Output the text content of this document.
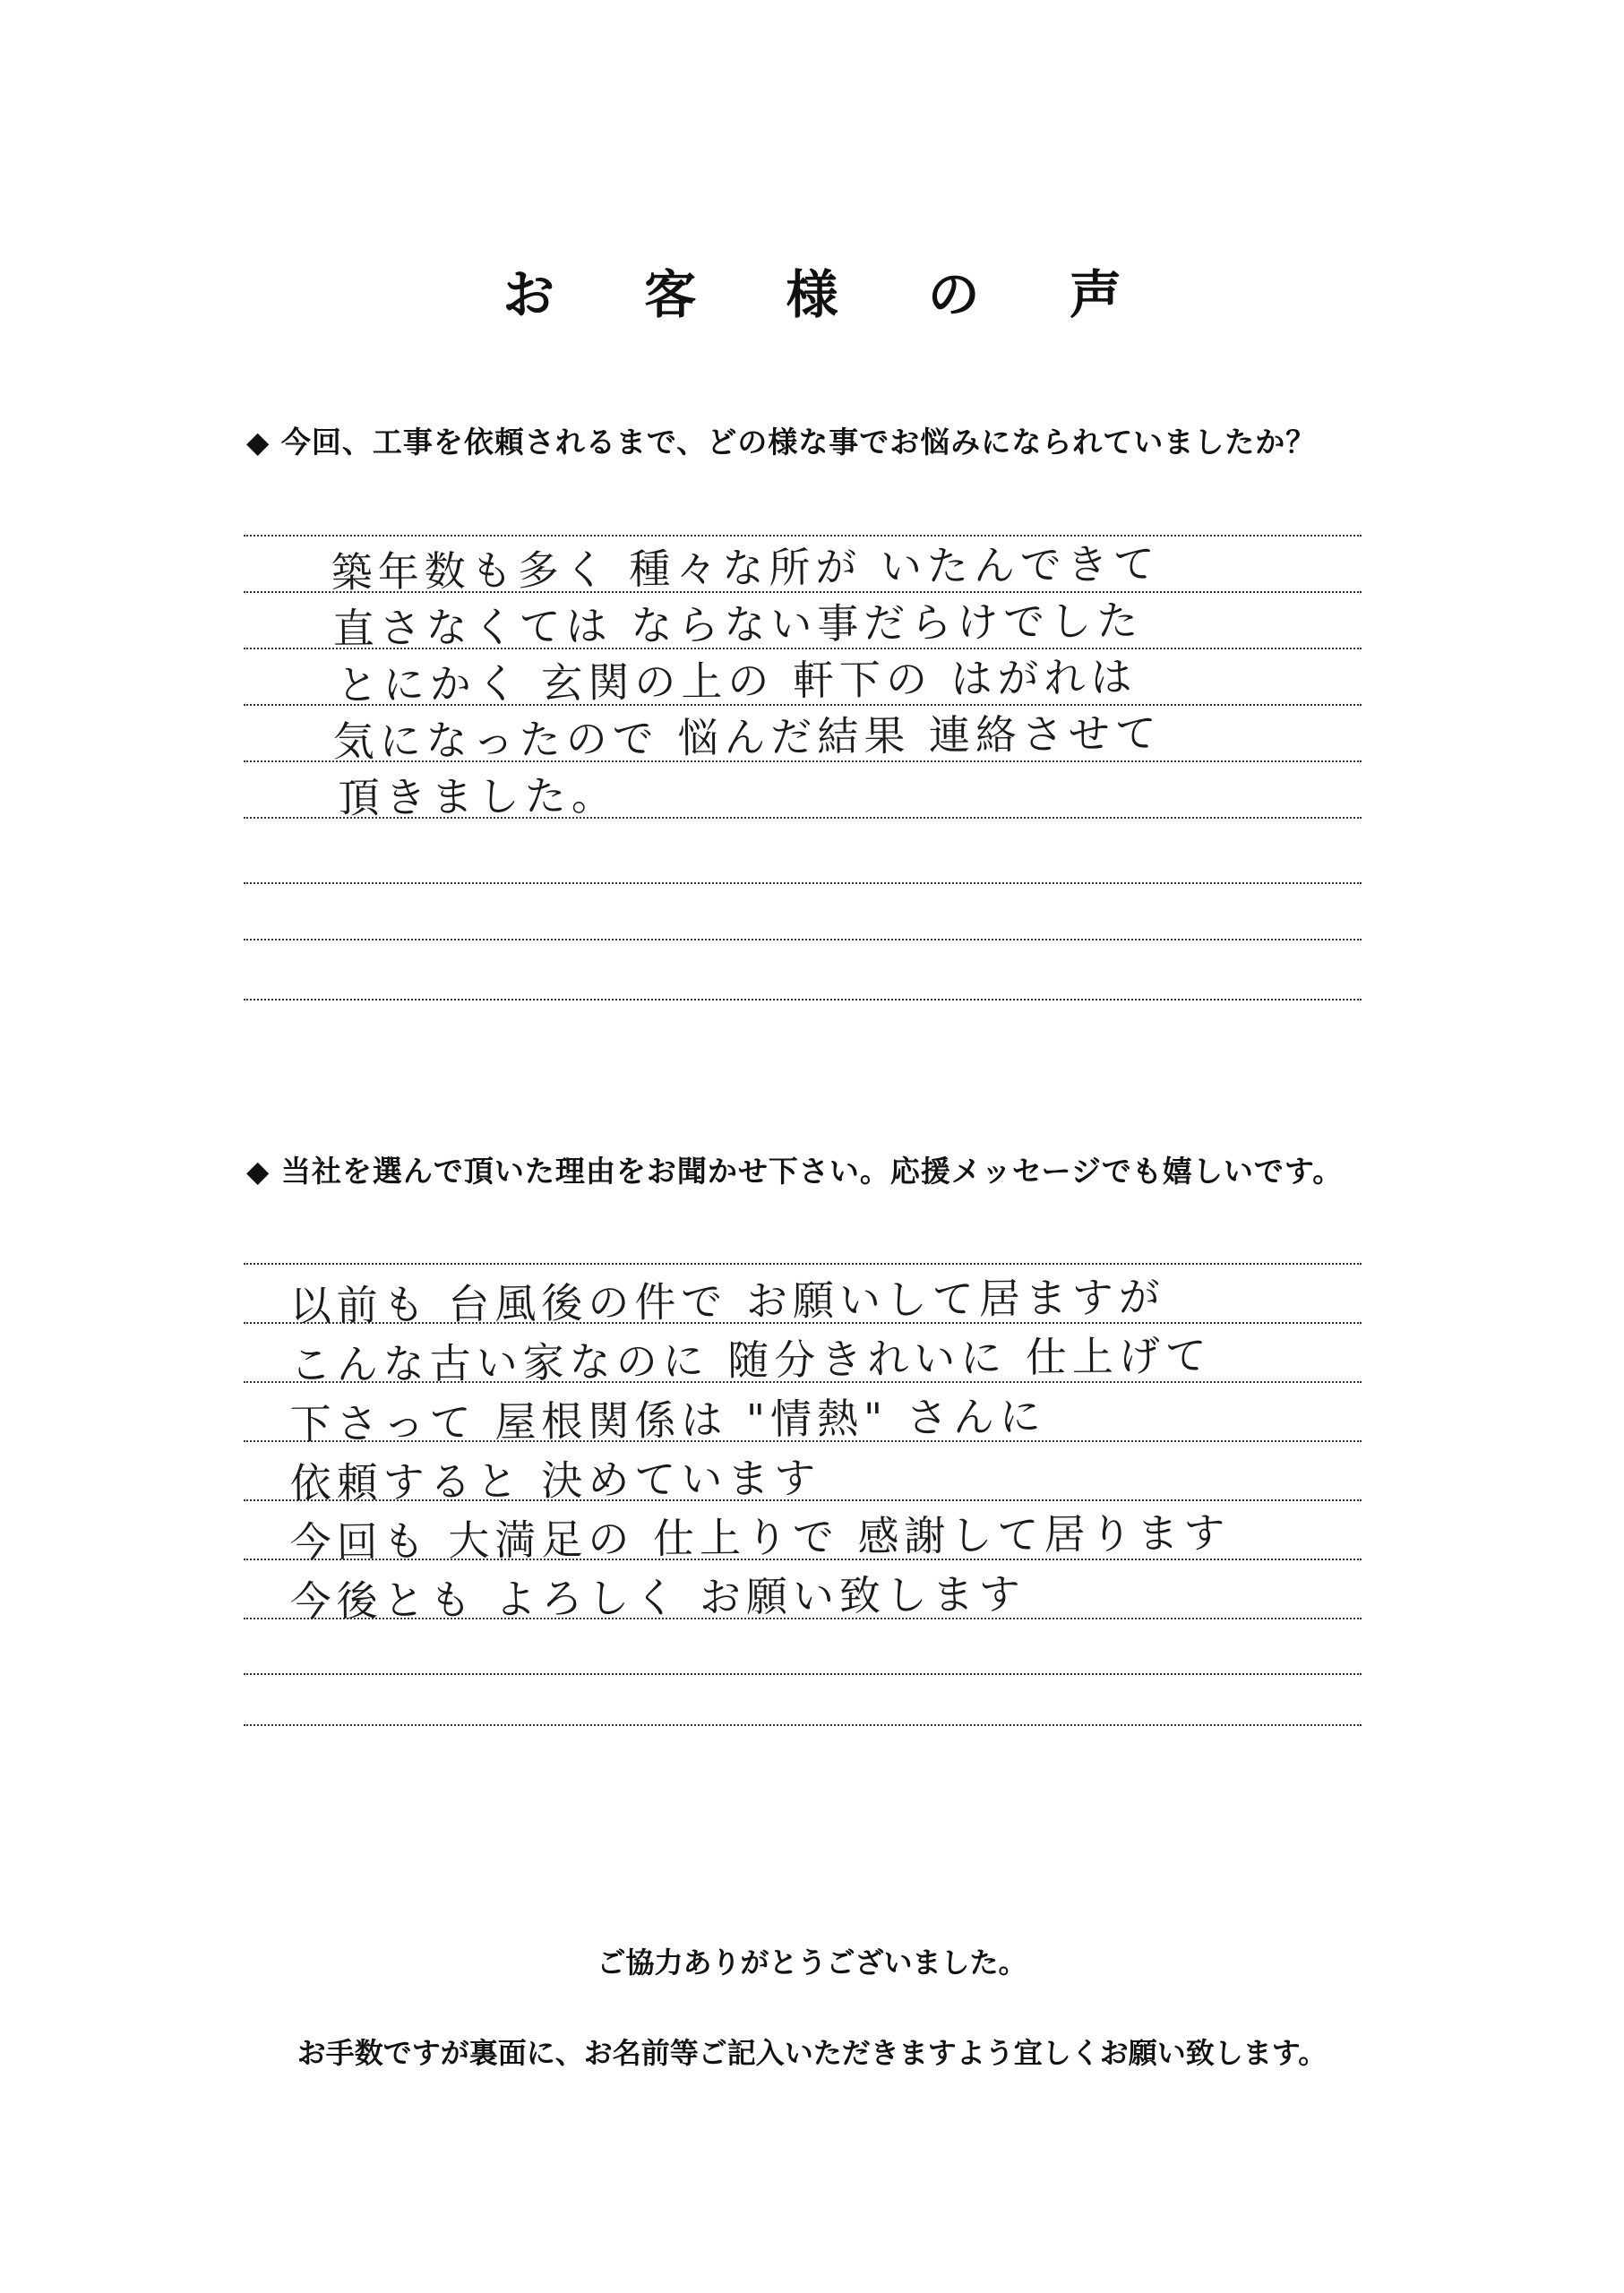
お 客 様 の 声
◆ 今回、工事を依頼されるまで、どの様な事でお悩みになられていましたか？
築年数も多く 種々な所が いたんできて
直さなくては ならない事だらけでした
とにかく 玄関の上の 軒下の はがれは
気になったので 悩んだ結果 連絡させて
頂きました。
◆ 当社を選んで頂いた理由をお聞かせ下さい。応援メッセージでも嬉しいです。
以前も 台風後の件で お願いして居ますが
こんな古い家なのに 随分きれいに 仕上げて
下さって 屋根関係は "情熱" さんに
依頼すると 決めています
今回も 大満足の 仕上りで 感謝して居ります
今後とも よろしく お願い致します
ご協力ありがとうございました。
お手数ですが裏面に、お名前等ご記入いただきますよう宜しくお願い致します。
